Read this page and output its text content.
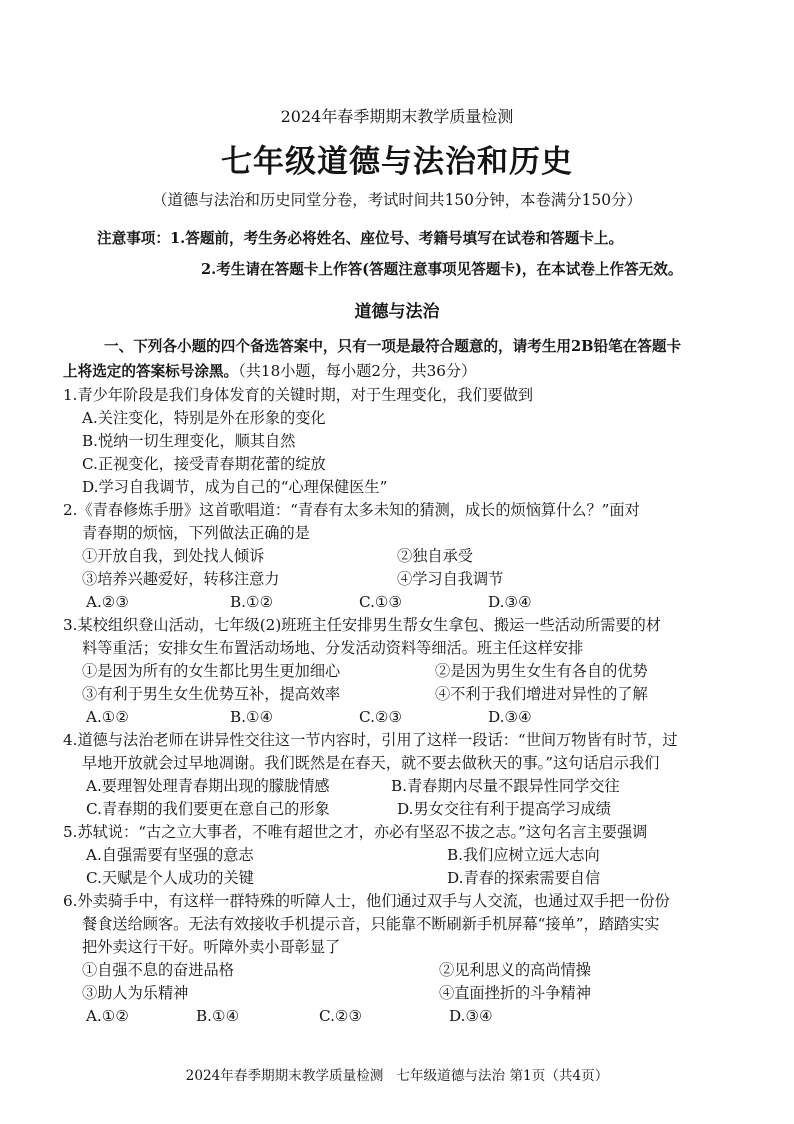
2024年春季期期末教学质量检测
七年级道德与法治和历史
（道德与法治和历史同堂分卷，考试时间共150分钟，本卷满分150分）
注意事项：1.答题前，考生务必将姓名、座位号、考籍号填写在试卷和答题卡上。
2.考生请在答题卡上作答(答题注意事项见答题卡)，在本试卷上作答无效。
道德与法治
一、下列各小题的四个备选答案中，只有一项是最符合题意的，请考生用2B铅笔在答题卡
上将选定的答案标号涂黑。（共18小题，每小题2分，共36分）
1.青少年阶段是我们身体发育的关键时期，对于生理变化，我们要做到
A.关注变化，特别是外在形象的变化
B.悦纳一切生理变化，顺其自然
C.正视变化，接受青春期花蕾的绽放
D.学习自我调节，成为自己的“心理保健医生”
2.《青春修炼手册》这首歌唱道：“青春有太多未知的猜测，成长的烦恼算什么？”面对
青春期的烦恼，下列做法正确的是
①开放自我，到处找人倾诉	②独自承受
③培养兴趣爱好，转移注意力	④学习自我调节
A.②③	B.①②	C.①③	D.③④
3.某校组织登山活动，七年级(2)班班主任安排男生帮女生拿包、搬运一些活动所需要的材
料等重活；安排女生布置活动场地、分发活动资料等细活。班主任这样安排
①是因为所有的女生都比男生更加细心	②是因为男生女生有各自的优势
③有利于男生女生优势互补，提高效率	④不利于我们增进对异性的了解
A.①②	B.①④	C.②③	D.③④
4.道德与法治老师在讲异性交往这一节内容时，引用了这样一段话：“世间万物皆有时节，过
早地开放就会过早地凋谢。我们既然是在春天，就不要去做秋天的事。”这句话启示我们
A.要理智处理青春期出现的朦胧情感	B.青春期内尽量不跟异性同学交往
C.青春期的我们要更在意自己的形象	D.男女交往有利于提高学习成绩
5.苏轼说：“古之立大事者，不唯有超世之才，亦必有坚忍不拔之志。”这句名言主要强调
A.自强需要有坚强的意志	B.我们应树立远大志向
C.天赋是个人成功的关键	D.青春的探索需要自信
6.外卖骑手中，有这样一群特殊的听障人士，他们通过双手与人交流，也通过双手把一份份
餐食送给顾客。无法有效接收手机提示音，只能靠不断刷新手机屏幕“接单”，踏踏实实
把外卖这行干好。听障外卖小哥彰显了
①自强不息的奋进品格	②见利思义的高尚情操
③助人为乐精神	④直面挫折的斗争精神
A.①②	B.①④	C.②③	D.③④
2024年春季期期末教学质量检测 七年级道德与法治 第1页（共4页）
